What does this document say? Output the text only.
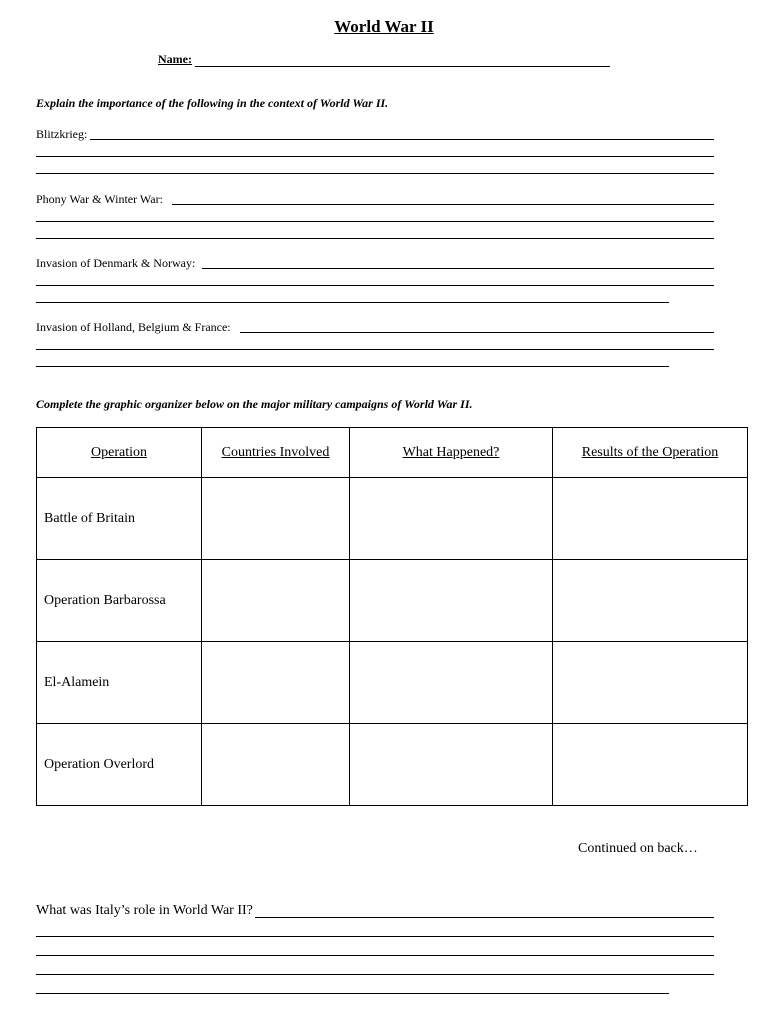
World War II
Name:
Explain the importance of the following in the context of World War II.
Blitzkrieg:
Phony War & Winter War:
Invasion of Denmark & Norway:
Invasion of Holland, Belgium & France:
Complete the graphic organizer below on the major military campaigns of World War II.
Operation	Countries Involved	What Happened?	Results of the Operation
Battle of Britain			
Operation Barbarossa			
El-Alamein			
Operation Overlord			
Continued on back…
What was Italy’s role in World War II?
